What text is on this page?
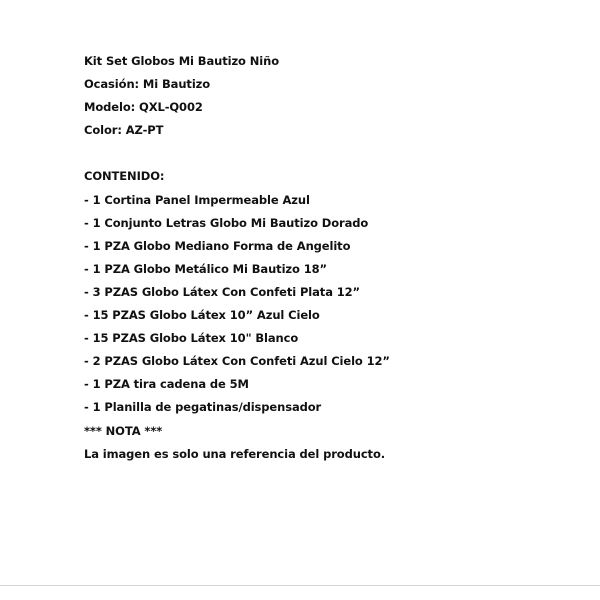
Kit Set Globos Mi Bautizo Niño
Ocasión: Mi Bautizo
Modelo: QXL-Q002
Color: AZ-PT
CONTENIDO:
- 1 Cortina Panel Impermeable Azul
- 1 Conjunto Letras Globo Mi Bautizo Dorado
- 1 PZA Globo Mediano Forma de Angelito
- 1 PZA Globo Metálico Mi Bautizo 18”
- 3 PZAS Globo Látex Con Confeti Plata 12”
- 15 PZAS Globo Látex 10” Azul Cielo
- 15 PZAS Globo Látex 10" Blanco
- 2 PZAS Globo Látex Con Confeti Azul Cielo 12”
- 1 PZA tira cadena de 5M
- 1 Planilla de pegatinas/dispensador
*** NOTA ***
La imagen es solo una referencia del producto.
